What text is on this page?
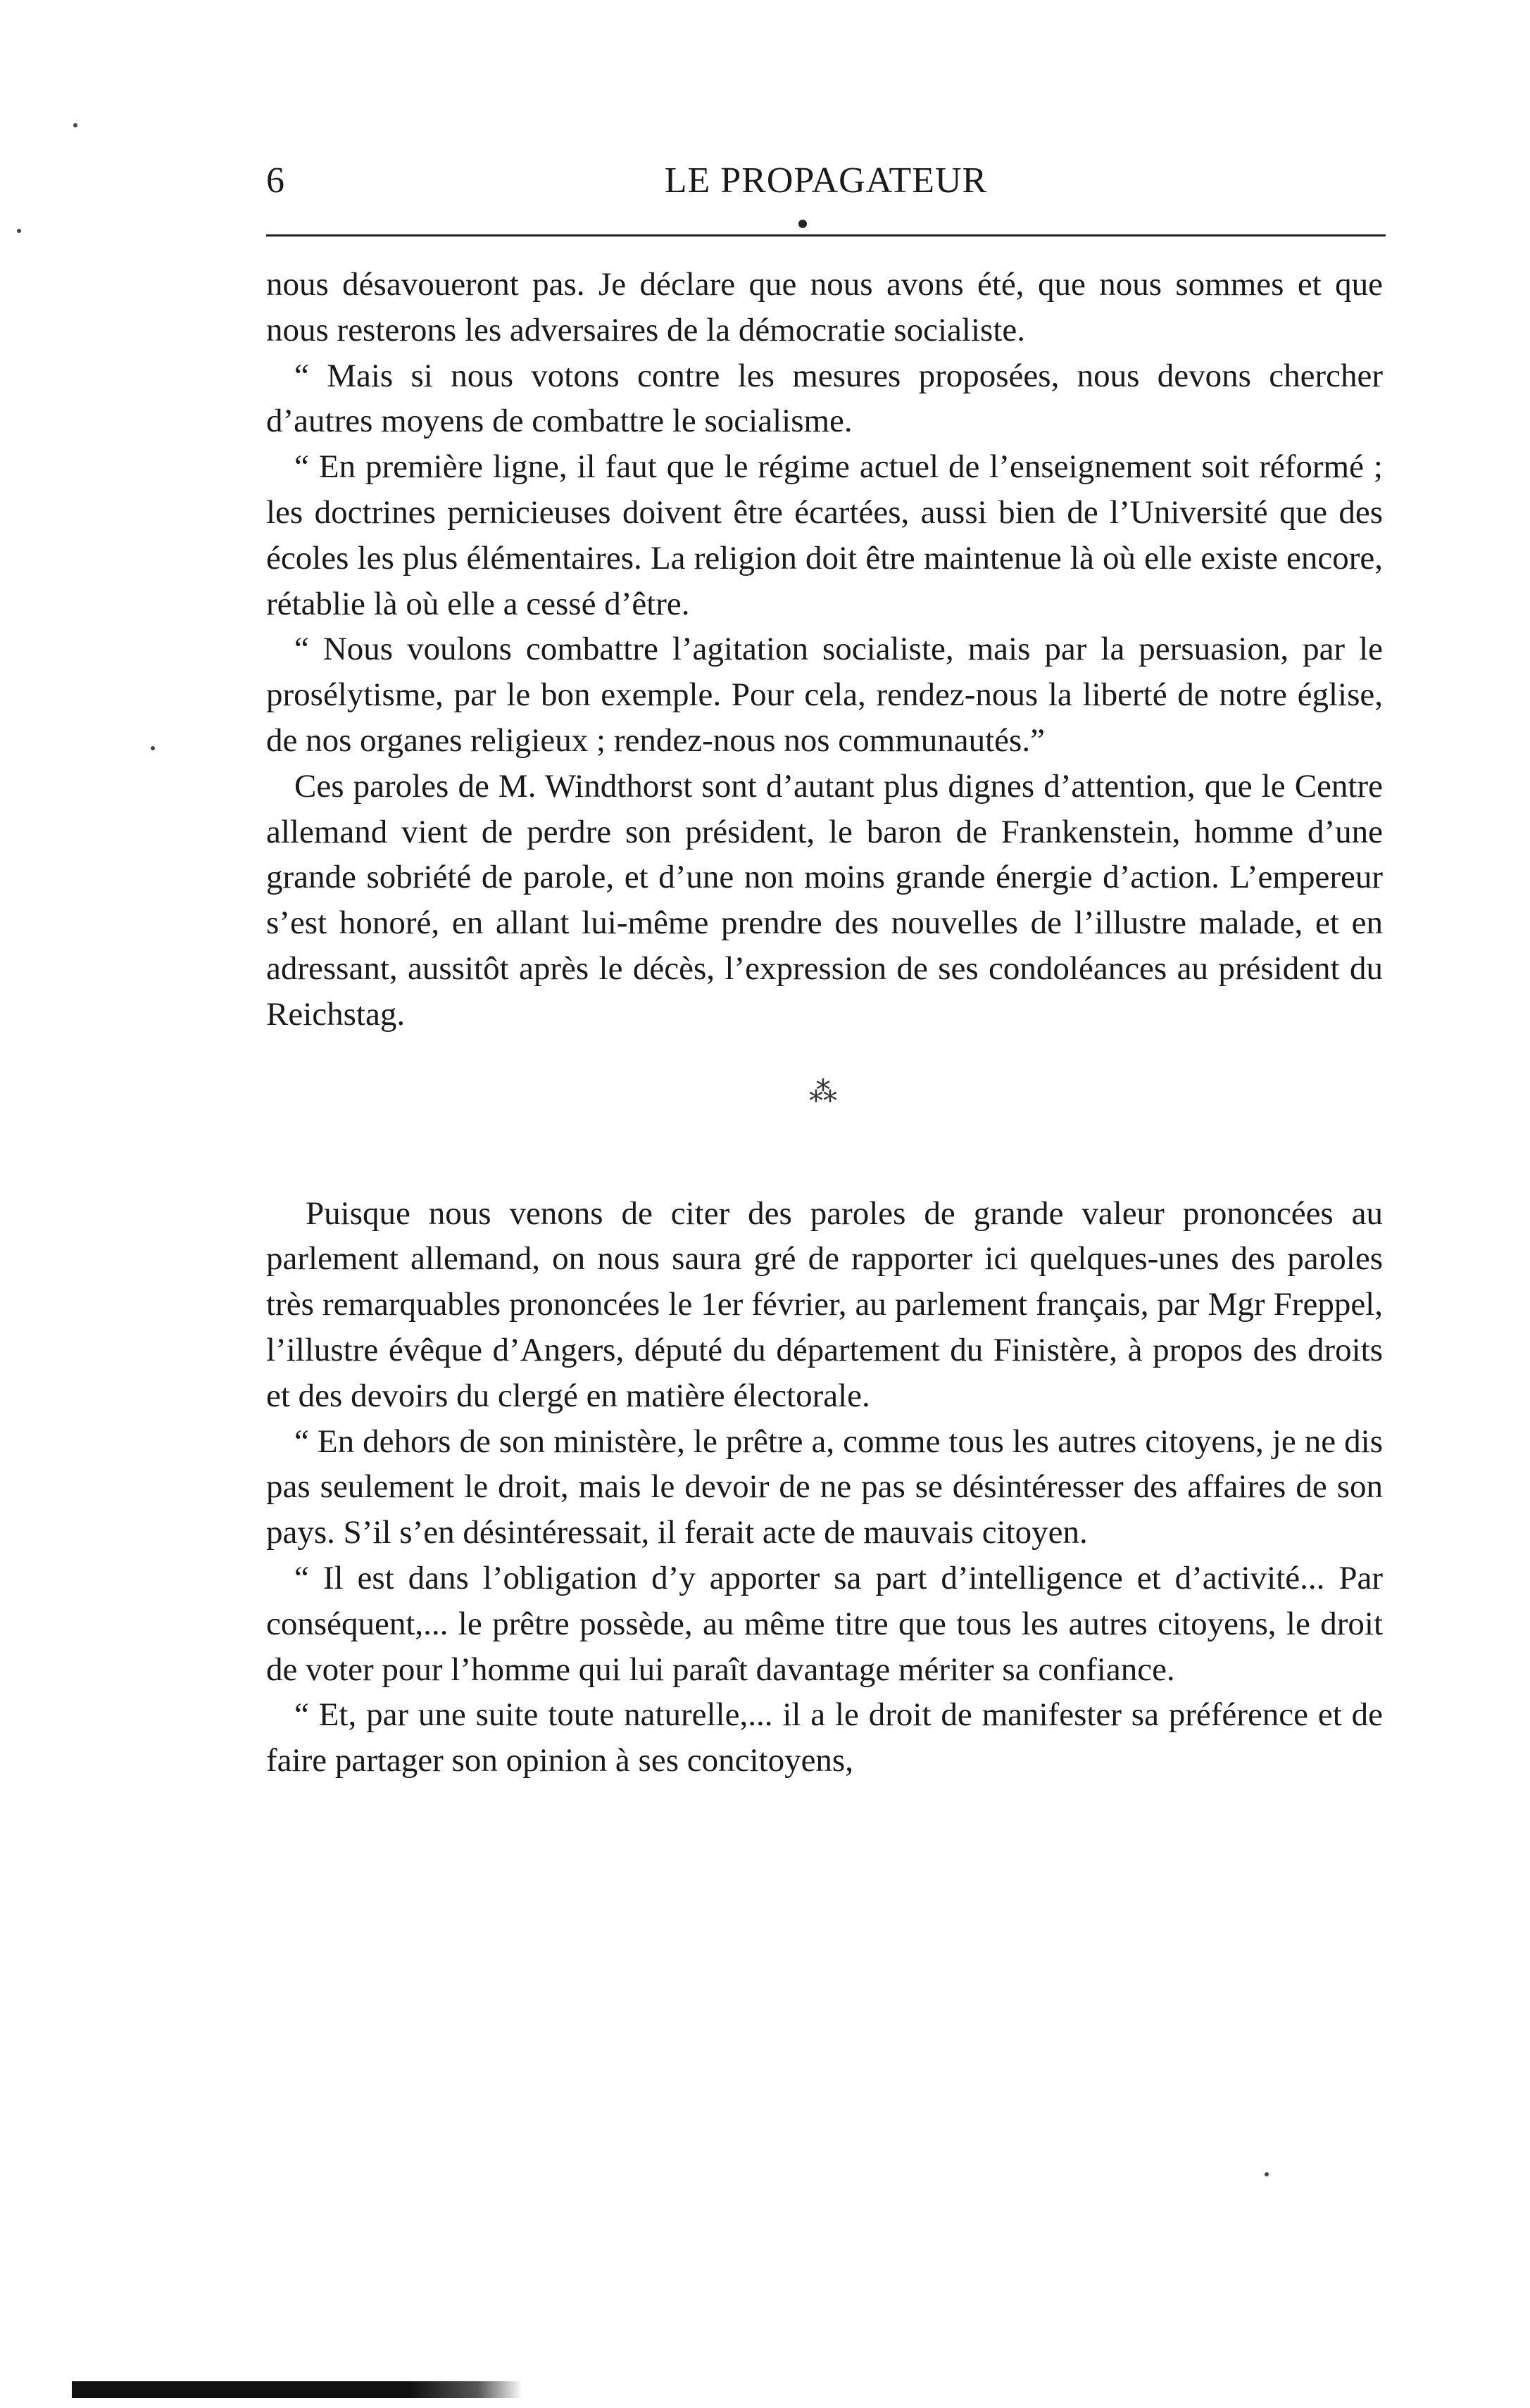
6	LE PROPAGATEUR

nous désavoueront pas. Je déclare que nous avons été, que nous sommes et que nous resterons les adversaires de la démocratie socialiste.

“ Mais si nous votons contre les mesures proposées, nous devons chercher d’autres moyens de combattre le socialisme.

“ En première ligne, il faut que le régime actuel de l’enseignement soit réformé ; les doctrines pernicieuses doivent être écartées, aussi bien de l’Université que des écoles les plus élémentaires. La religion doit être maintenue là où elle existe encore, rétablie là où elle a cessé d’être.

“ Nous voulons combattre l’agitation socialiste, mais par la persuasion, par le prosélytisme, par le bon exemple. Pour cela, rendez-nous la liberté de notre église, de nos organes religieux ; rendez-nous nos communautés.”

Ces paroles de M. Windthorst sont d’autant plus dignes d’attention, que le Centre allemand vient de perdre son président, le baron de Frankenstein, homme d’une grande sobriété de parole, et d’une non moins grande énergie d’action. L’empereur s’est honoré, en allant lui-même prendre des nouvelles de l’illustre malade, et en adressant, aussitôt après le décès, l’expression de ses condoléances au président du Reichstag.

⁂

Puisque nous venons de citer des paroles de grande valeur prononcées au parlement allemand, on nous saura gré de rapporter ici quelques-unes des paroles très remarquables prononcées le 1er février, au parlement français, par Mgr Freppel, l’illustre évêque d’Angers, député du département du Finistère, à propos des droits et des devoirs du clergé en matière électorale.

“ En dehors de son ministère, le prêtre a, comme tous les autres citoyens, je ne dis pas seulement le droit, mais le devoir de ne pas se désintéresser des affaires de son pays. S’il s’en désintéressait, il ferait acte de mauvais citoyen.

“ Il est dans l’obligation d’y apporter sa part d’intelligence et d’activité... Par conséquent,... le prêtre possède, au même titre que tous les autres citoyens, le droit de voter pour l’homme qui lui paraît davantage mériter sa confiance.

“ Et, par une suite toute naturelle,... il a le droit de manifester sa préférence et de faire partager son opinion à ses concitoyens,
